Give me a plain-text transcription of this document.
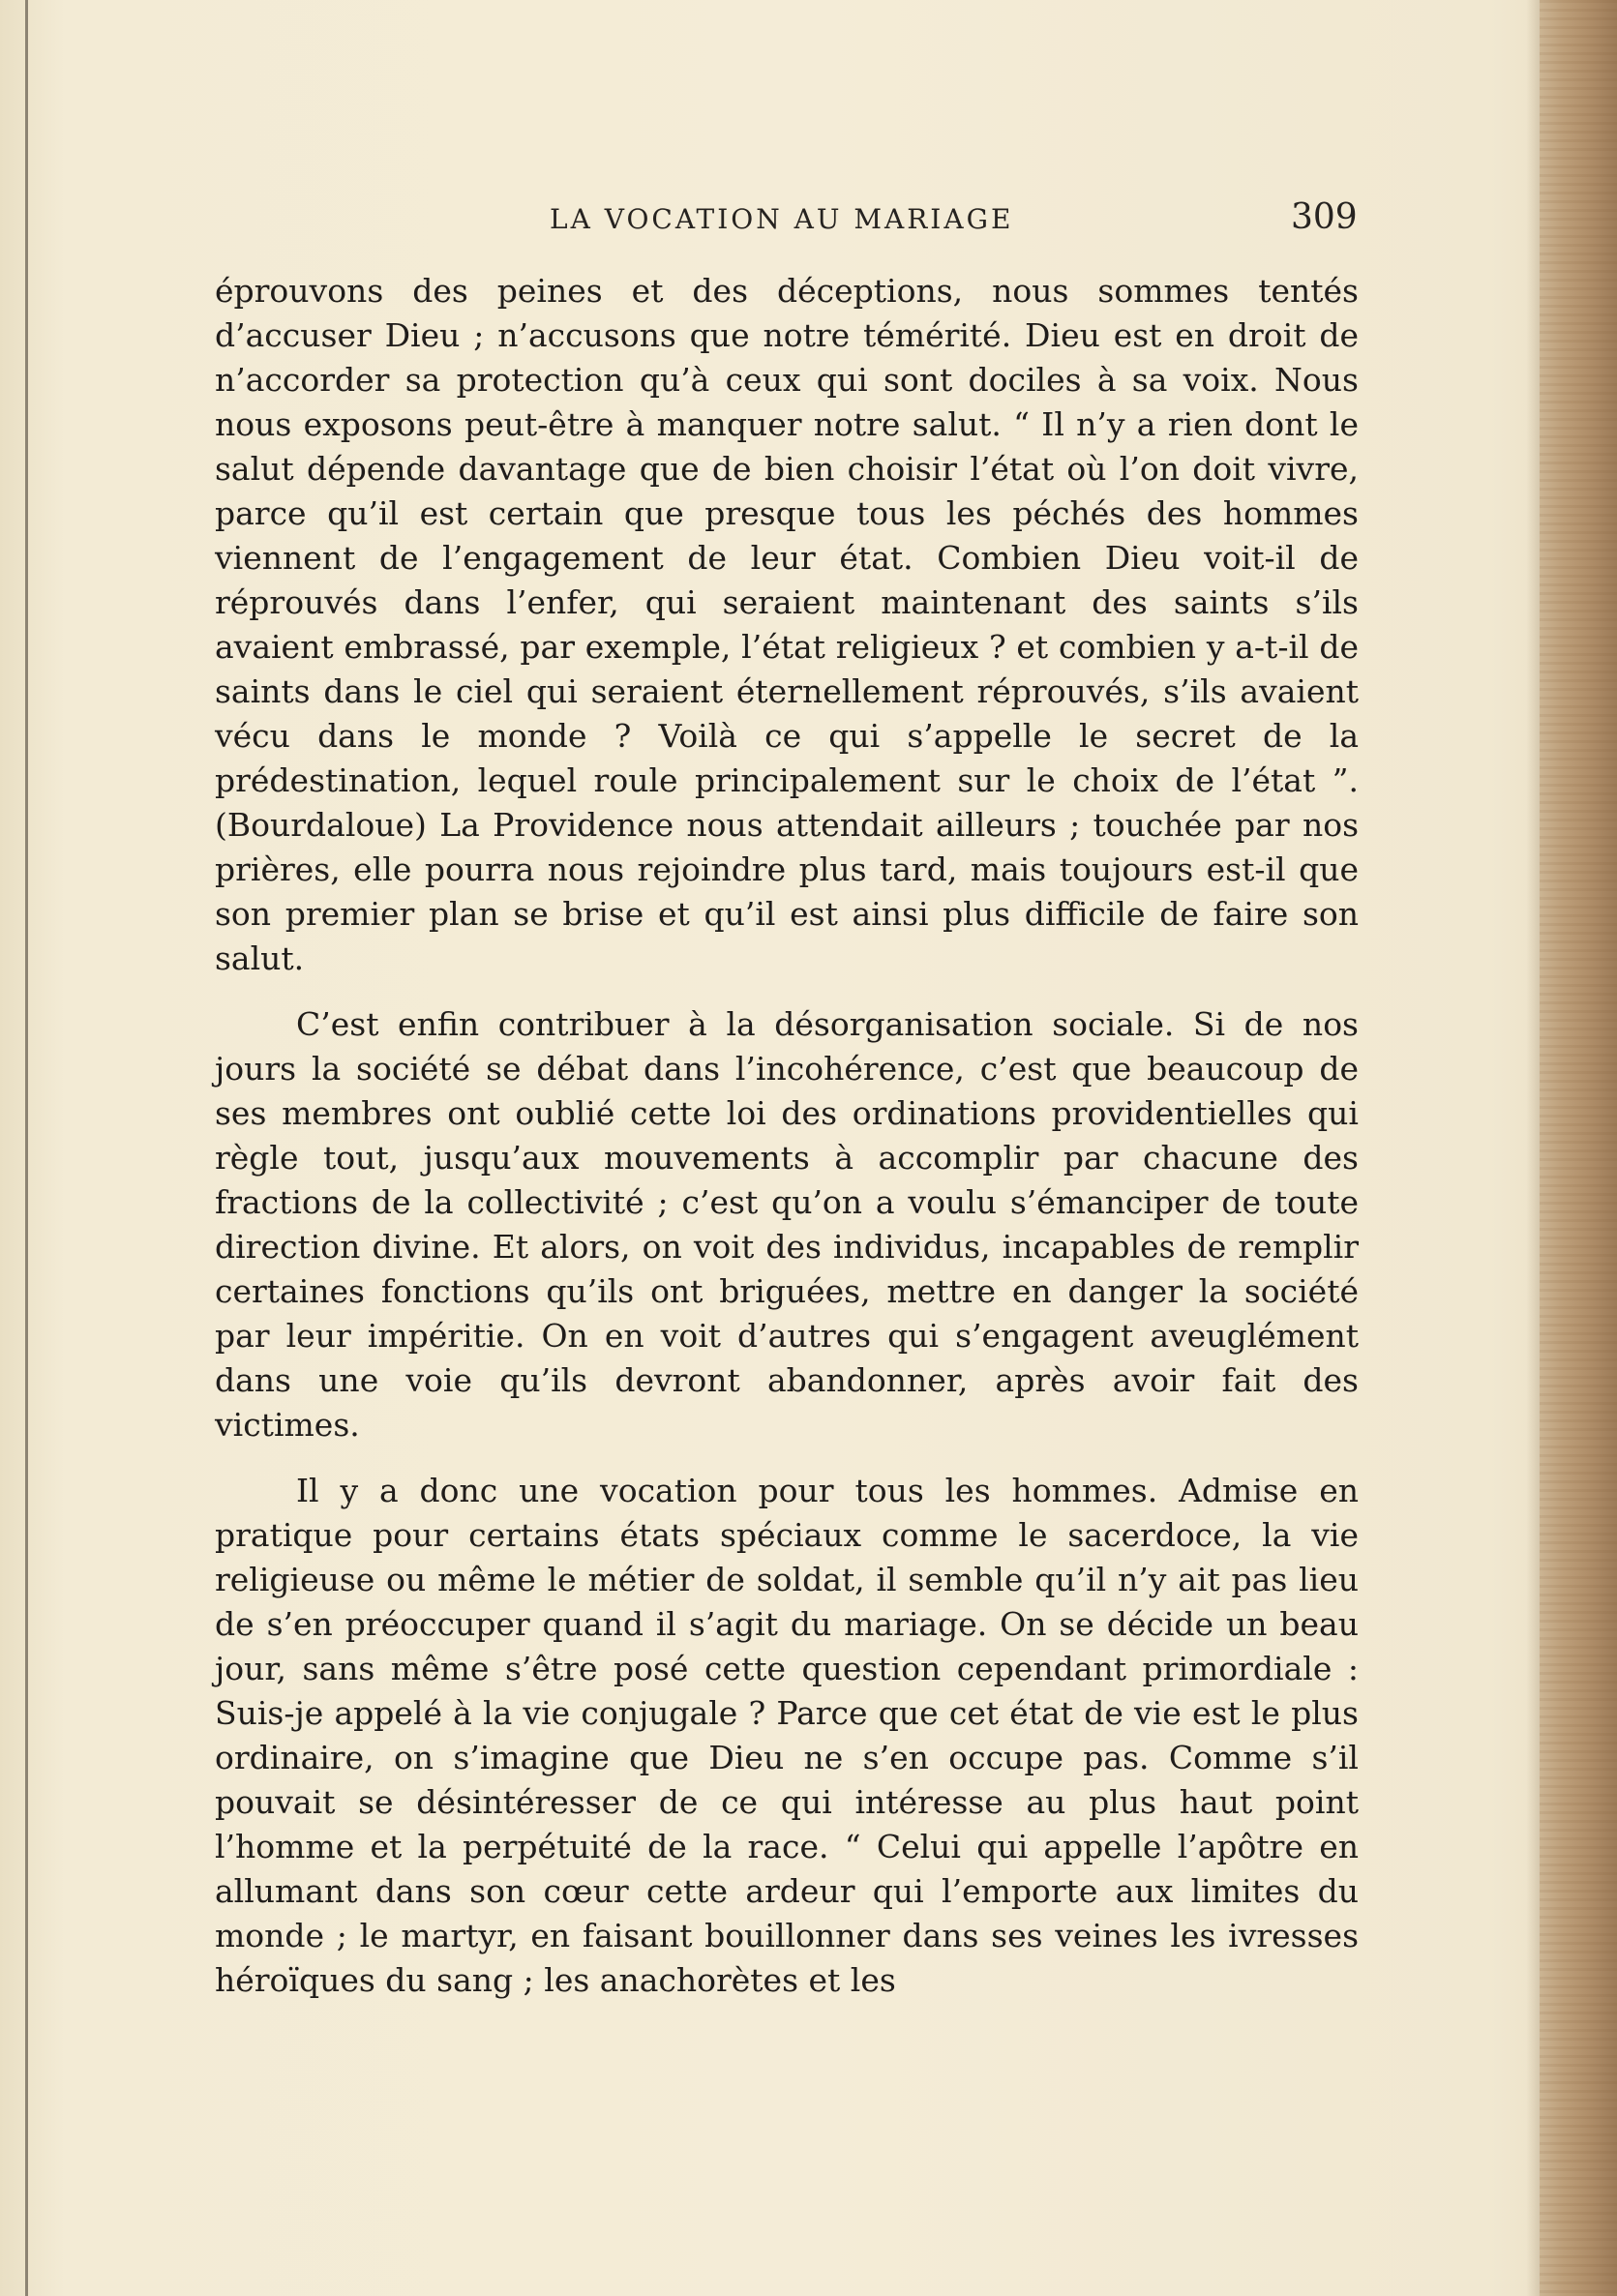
LA VOCATION AU MARIAGE	309

éprouvons des peines et des déceptions, nous sommes tentés d’accuser Dieu ; n’accusons que notre témérité. Dieu est en droit de n’accorder sa protection qu’à ceux qui sont dociles à sa voix. Nous nous exposons peut-être à manquer notre salut. “ Il n’y a rien dont le salut dépende davantage que de bien choisir l’état où l’on doit vivre, parce qu’il est certain que presque tous les péchés des hommes viennent de l’engagement de leur état. Combien Dieu voit-il de réprouvés dans l’enfer, qui seraient maintenant des saints s’ils avaient embrassé, par exemple, l’état religieux ? et combien y a-t-il de saints dans le ciel qui seraient éternellement réprouvés, s’ils avaient vécu dans le monde ? Voilà ce qui s’appelle le secret de la prédestination, lequel roule principalement sur le choix de l’état ”. (Bourdaloue) La Providence nous attendait ailleurs ; touchée par nos prières, elle pourra nous rejoindre plus tard, mais toujours est-il que son premier plan se brise et qu’il est ainsi plus difficile de faire son salut.

C’est enfin contribuer à la désorganisation sociale. Si de nos jours la société se débat dans l’incohérence, c’est que beaucoup de ses membres ont oublié cette loi des ordinations providentielles qui règle tout, jusqu’aux mouvements à accomplir par chacune des fractions de la collectivité ; c’est qu’on a voulu s’émanciper de toute direction divine. Et alors, on voit des individus, incapables de remplir certaines fonctions qu’ils ont briguées, mettre en danger la société par leur impéritie. On en voit d’autres qui s’engagent aveuglément dans une voie qu’ils devront abandonner, après avoir fait des victimes.

Il y a donc une vocation pour tous les hommes. Admise en pratique pour certains états spéciaux comme le sacerdoce, la vie religieuse ou même le métier de soldat, il semble qu’il n’y ait pas lieu de s’en préoccuper quand il s’agit du mariage. On se décide un beau jour, sans même s’être posé cette question cependant primordiale : Suis-je appelé à la vie conjugale ? Parce que cet état de vie est le plus ordinaire, on s’imagine que Dieu ne s’en occupe pas. Comme s’il pouvait se désintéresser de ce qui intéresse au plus haut point l’homme et la perpétuité de la race. “ Celui qui appelle l’apôtre en allumant dans son cœur cette ardeur qui l’emporte aux limites du monde ; le martyr, en faisant bouillonner dans ses veines les ivresses héroïques du sang ; les anachorètes et les
